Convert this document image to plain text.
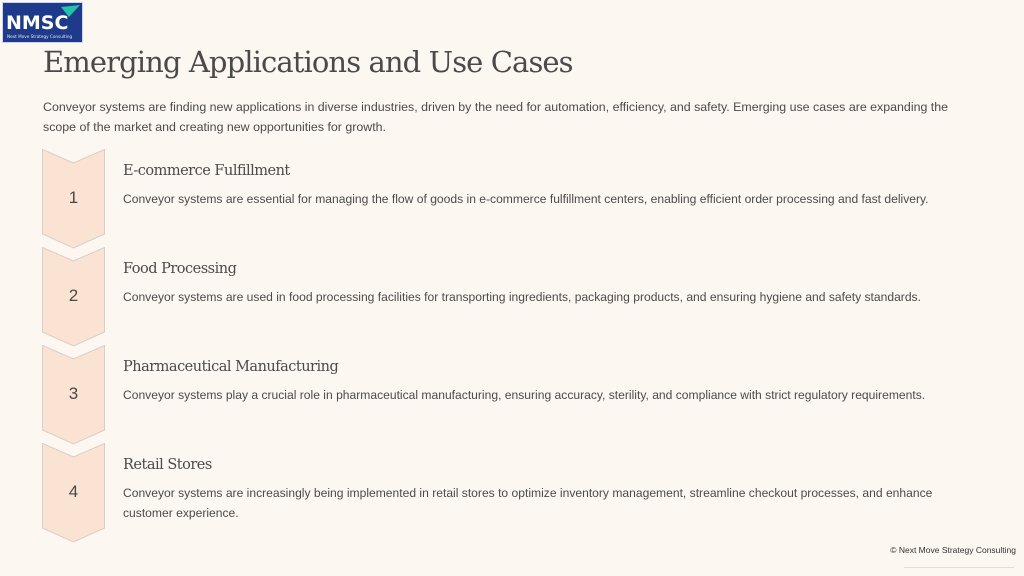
NMSC
Next Move Strategy Consulting
Emerging Applications and Use Cases

Conveyor systems are finding new applications in diverse industries, driven by the need for automation, efficiency, and safety. Emerging use cases are expanding the scope of the market and creating new opportunities for growth.

1
E-commerce Fulfillment

Conveyor systems are essential for managing the flow of goods in e-commerce fulfillment centers, enabling efficient order processing and fast delivery.

2
Food Processing

Conveyor systems are used in food processing facilities for transporting ingredients, packaging products, and ensuring hygiene and safety standards.

3
Pharmaceutical Manufacturing

Conveyor systems play a crucial role in pharmaceutical manufacturing, ensuring accuracy, sterility, and compliance with strict regulatory requirements.

4
Retail Stores

Conveyor systems are increasingly being implemented in retail stores to optimize inventory management, streamline checkout processes, and enhance customer experience.

© Next Move Strategy Consulting
